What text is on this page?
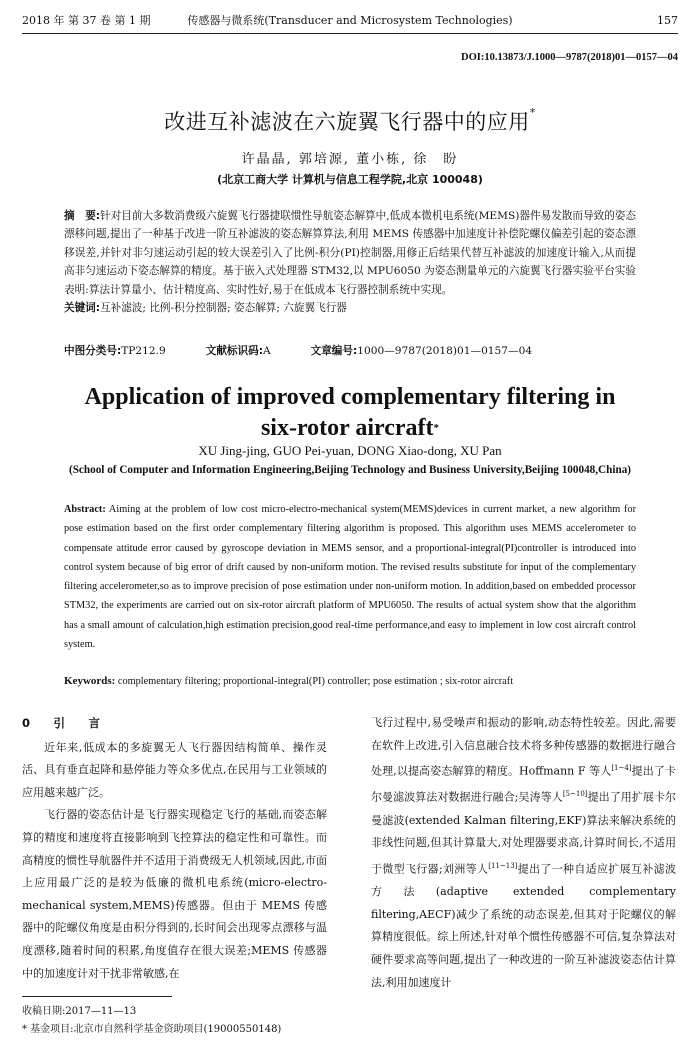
2018 年 第 37 卷 第 1 期	传感器与微系统(Transducer and Microsystem Technologies)	157
DOI:10.13873/J.1000—9787(2018)01—0157—04
改进互补滤波在六旋翼飞行器中的应用*
许晶晶, 郭培源, 董小栋, 徐　盼
(北京工商大学 计算机与信息工程学院,北京 100048)
摘　要:针对目前大多数消费级六旋翼飞行器捷联惯性导航姿态解算中,低成本微机电系统(MEMS)器件易发散而导致的姿态漂移问题,提出了一种基于改进一阶互补滤波的姿态解算算法,利用 MEMS 传感器中加速度计补偿陀螺仪偏差引起的姿态漂移误差,并针对非匀速运动引起的较大误差引入了比例-积分(PI)控制器,用修正后结果代替互补滤波的加速度计输入,从而提高非匀速运动下姿态解算的精度。基于嵌入式处理器 STM32,以 MPU6050 为姿态测量单元的六旋翼飞行器实验平台实验表明:算法计算量小、估计精度高、实时性好,易于在低成本飞行器控制系统中实现。
关键词:互补滤波; 比例-积分控制器; 姿态解算; 六旋翼飞行器
中图分类号:TP212.9	文献标识码:A	文章编号:1000—9787(2018)01—0157—04
Application of improved complementary filtering in
six-rotor aircraft*
XU Jing-jing, GUO Pei-yuan, DONG Xiao-dong, XU Pan
(School of Computer and Information Engineering,Beijing Technology and Business University,Beijing 100048,China)
Abstract: Aiming at the problem of low cost micro-electro-mechanical system(MEMS)devices in current market, a new algorithm for pose estimation based on the first order complementary filtering algorithm is proposed. This algorithm uses MEMS accelerometer to compensate attitude error caused by gyroscope deviation in MEMS sensor, and a proportional-integral(PI)controller is introduced into control system because of big error of drift caused by non-uniform motion. The revised results substitute for input of the complementary filtering accelerometer,so as to improve precision of pose estimation under non-uniform motion. In addition,based on embedded processor STM32, the experiments are carried out on six-rotor aircraft platform of MPU6050. The results of actual system show that the algorithm has a small amount of calculation,high estimation precision,good real-time performance,and easy to implement in low cost aircraft control system.
Keywords: complementary filtering; proportional-integral(PI) controller; pose estimation ; six-rotor aircraft
0　引　言

近年来,低成本的多旋翼无人飞行器因结构简单、操作灵活、具有垂直起降和悬停能力等众多优点,在民用与工业领域的应用越来越广泛。

飞行器的姿态估计是飞行器实现稳定飞行的基础,而姿态解算的精度和速度将直接影响到飞控算法的稳定性和可靠性。而高精度的惯性导航器件并不适用于消费级无人机领域,因此,市面上应用最广泛的是较为低廉的微机电系统(micro-electro-mechanical system,MEMS)传感器。但由于 MEMS 传感器中的陀螺仪角度是由积分得到的,长时间会出现零点漂移与温度漂移,随着时间的积累,角度值存在很大误差;MEMS 传感器中的加速度计对干扰非常敏感,在

飞行过程中,易受噪声和振动的影响,动态特性较差。因此,需要在软件上改进,引入信息融合技术将多种传感器的数据进行融合处理,以提高姿态解算的精度。Hoffmann F 等人[1~4]提出了卡尔曼滤波算法对数据进行融合;吴涛等人[5~10]提出了用扩展卡尔曼滤波(extended Kalman filtering,EKF)算法来解决系统的非线性问题,但其计算量大,对处理器要求高,计算时间长,不适用于微型飞行器;刘洲等人[11~13]提出了一种自适应扩展互补滤波方法(adaptive extended complementary filtering,AECF)减少了系统的动态误差,但其对于陀螺仪的解算精度很低。综上所述,针对单个惯性传感器不可信,复杂算法对硬件要求高等问题,提出了一种改进的一阶互补滤波姿态估计算法,利用加速度计

收稿日期:2017—11—13
* 基金项目:北京市自然科学基金资助项目(19000550148)
